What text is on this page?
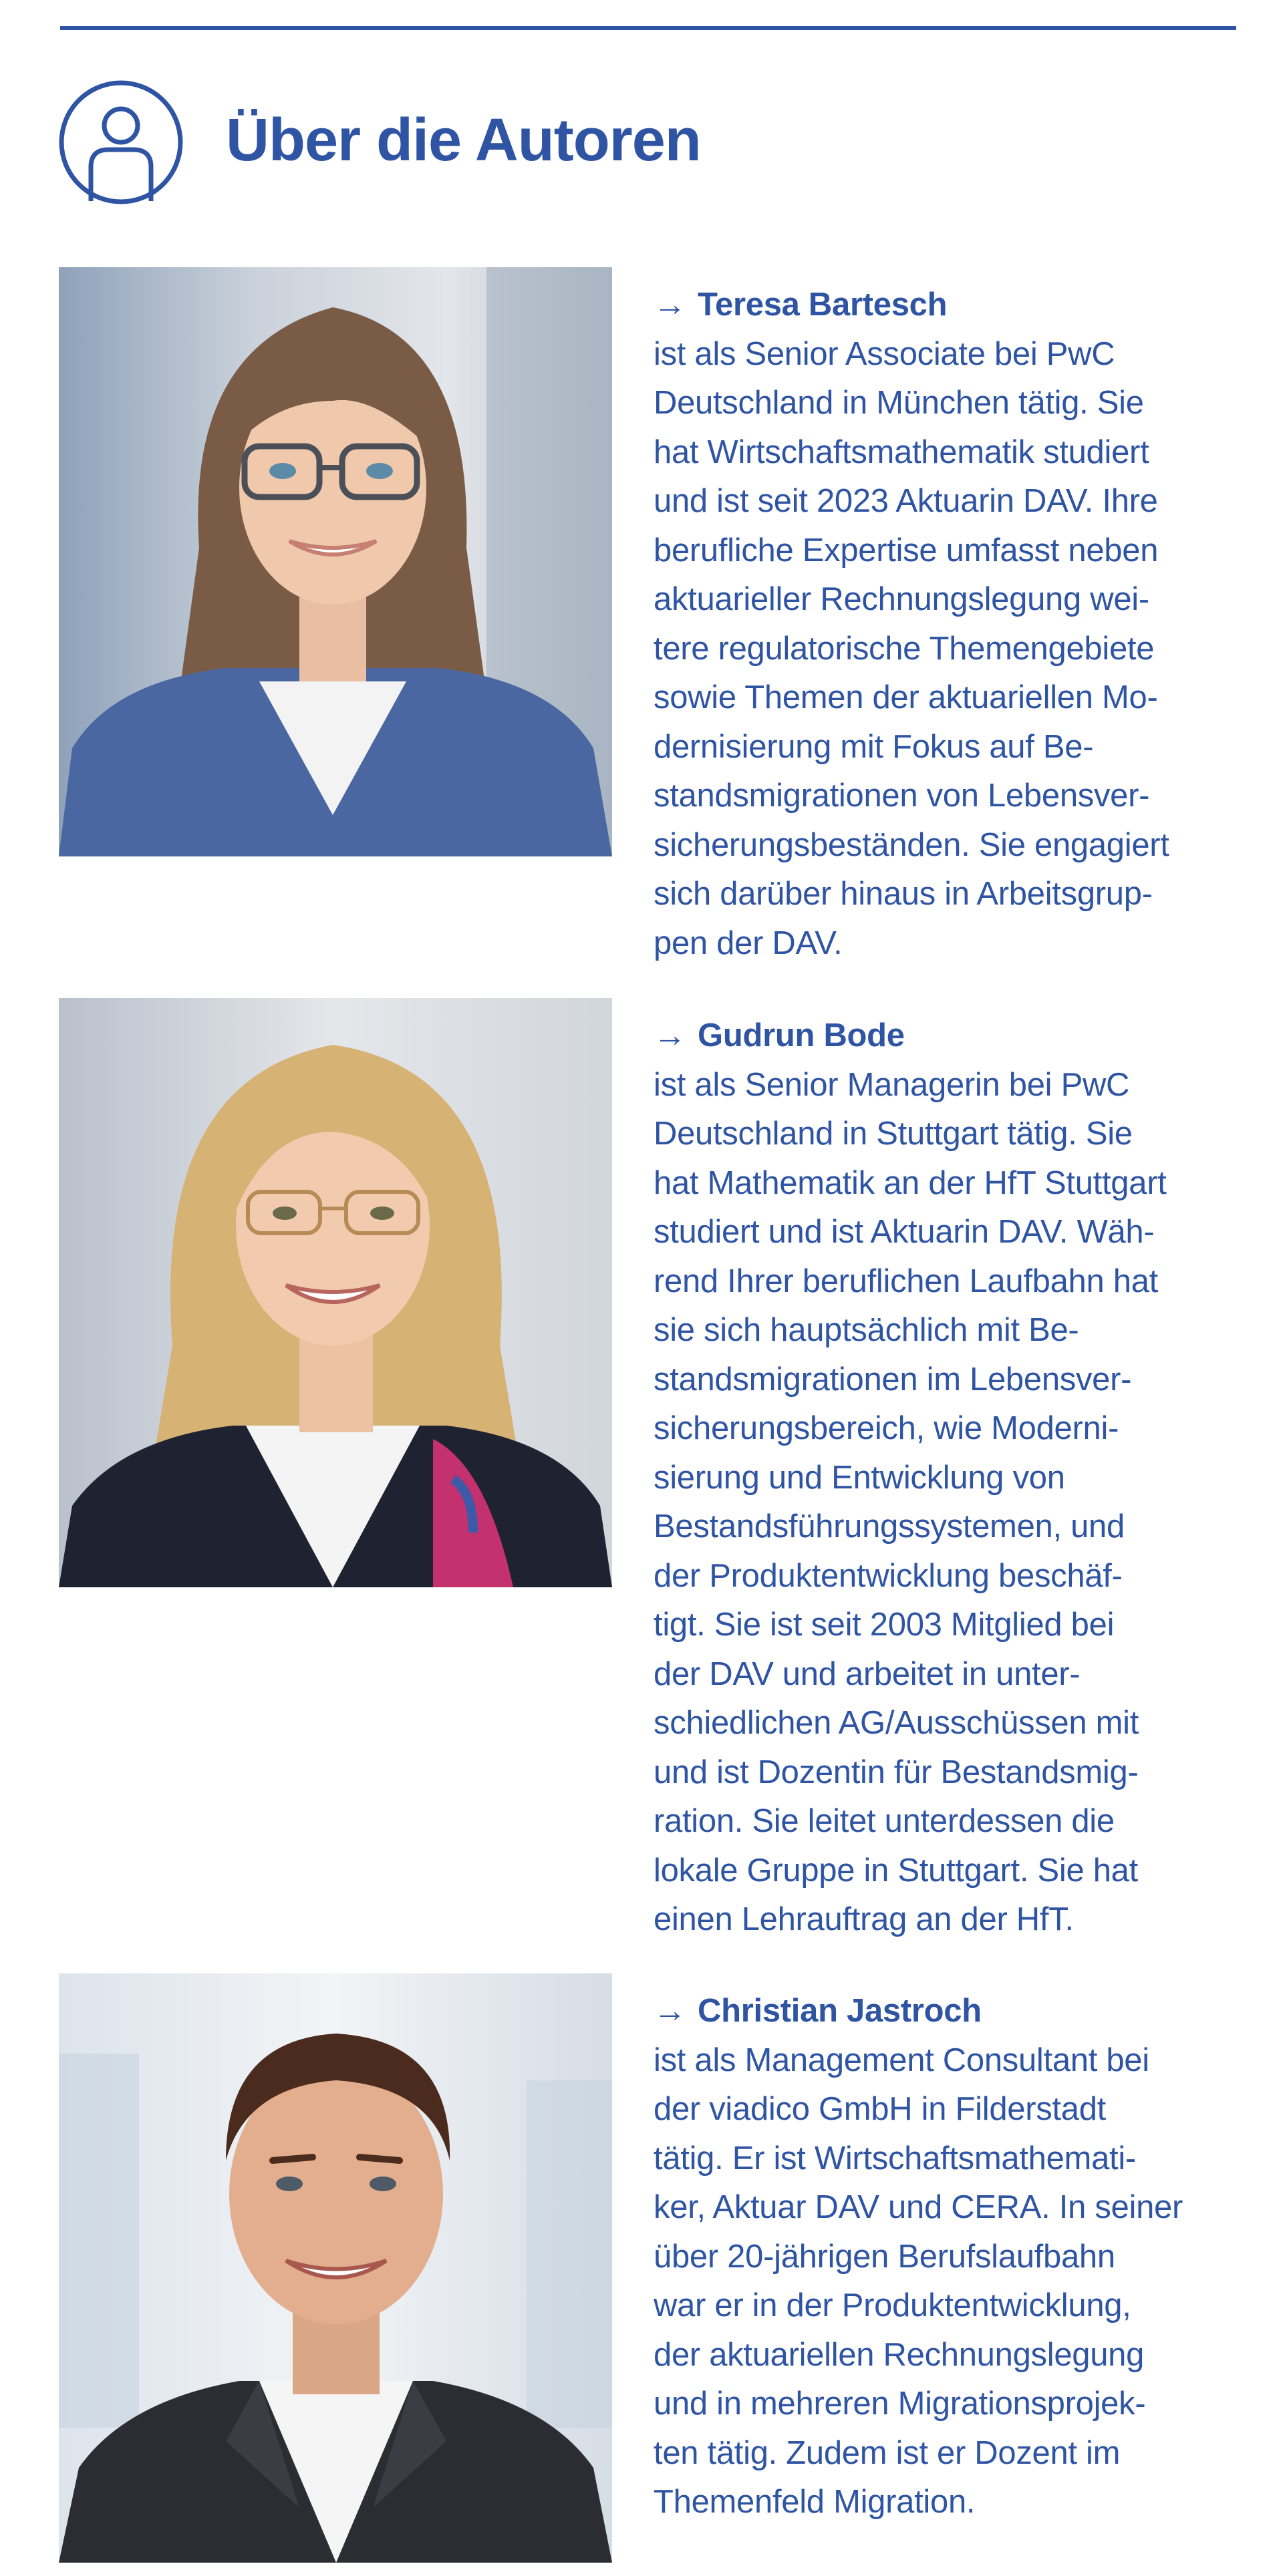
Über die Autoren
→ Teresa Bartesch
ist als Senior Associate bei PwC
Deutschland in München tätig. Sie
hat Wirtschaftsmathematik studiert
und ist seit 2023 Aktuarin DAV. Ihre
berufliche Expertise umfasst neben
aktuarieller Rechnungslegung wei-
tere regulatorische Themengebiete
sowie Themen der aktuariellen Mo-
dernisierung mit Fokus auf Be-
standsmigrationen von Lebensver-
sicherungsbeständen. Sie engagiert
sich darüber hinaus in Arbeitsgrup-
pen der DAV.
→ Gudrun Bode
ist als Senior Managerin bei PwC
Deutschland in Stuttgart tätig. Sie
hat Mathematik an der HfT Stuttgart
studiert und ist Aktuarin DAV. Wäh-
rend Ihrer beruflichen Laufbahn hat
sie sich hauptsächlich mit Be-
standsmigrationen im Lebensver-
sicherungsbereich, wie Moderni-
sierung und Entwicklung von
Bestandsführungssystemen, und
der Produktentwicklung beschäf-
tigt. Sie ist seit 2003 Mitglied bei
der DAV und arbeitet in unter-
schiedlichen AG/Ausschüssen mit
und ist Dozentin für Bestandsmig-
ration. Sie leitet unterdessen die
lokale Gruppe in Stuttgart. Sie hat
einen Lehrauftrag an der HfT.
→ Christian Jastroch
ist als Management Consultant bei
der viadico GmbH in Filderstadt
tätig. Er ist Wirtschaftsmathemati-
ker, Aktuar DAV und CERA. In seiner
über 20-jährigen Berufslaufbahn
war er in der Produktentwicklung,
der aktuariellen Rechnungslegung
und in mehreren Migrationsprojek-
ten tätig. Zudem ist er Dozent im
Themenfeld Migration.
